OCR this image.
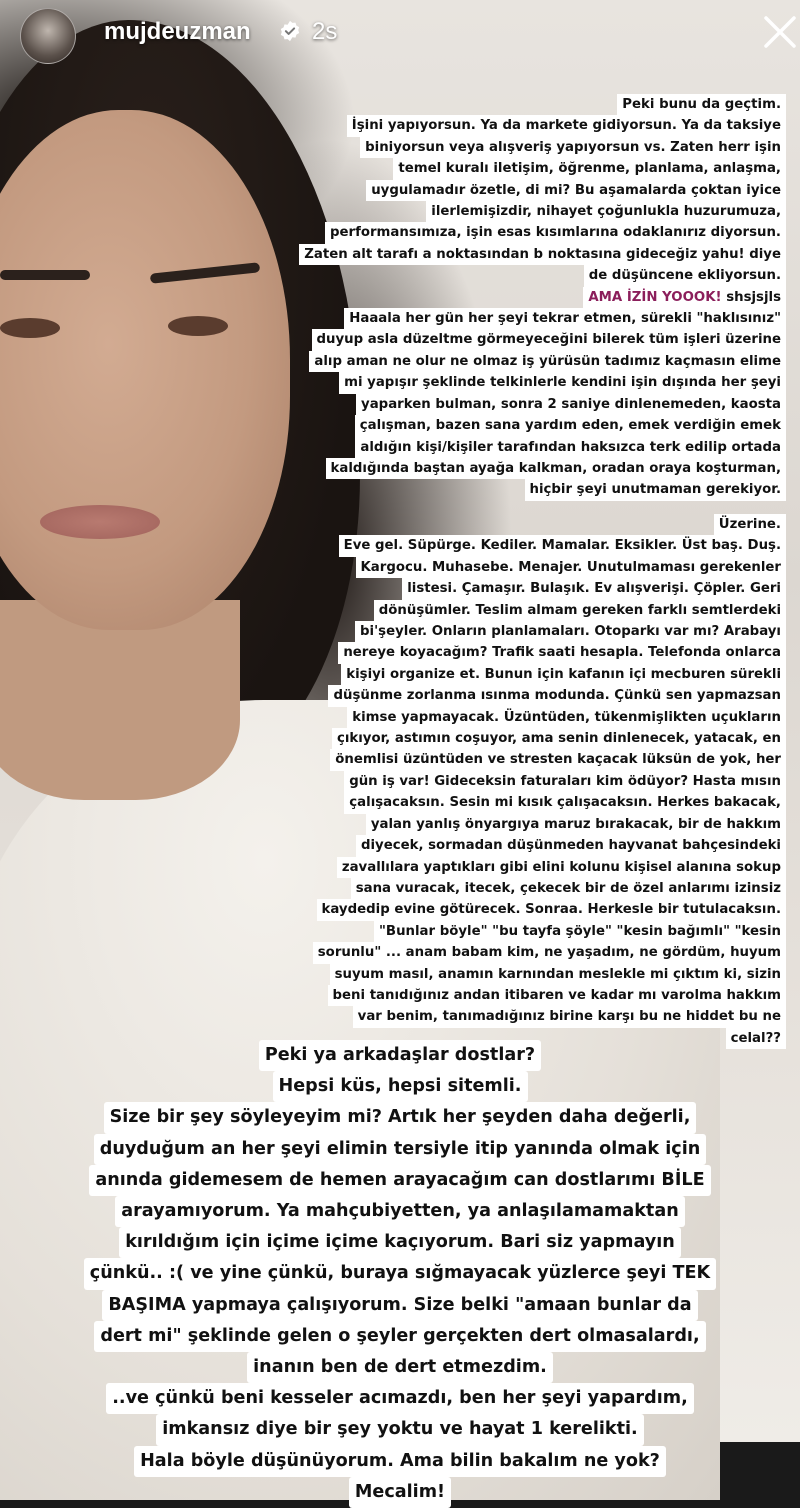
mujdeuzman	2s
Peki bunu da geçtim.
İşini yapıyorsun. Ya da markete gidiyorsun. Ya da taksiye
biniyorsun veya alışveriş yapıyorsun vs. Zaten herr işin
temel kuralı iletişim, öğrenme, planlama, anlaşma,
uygulamadır özetle, di mi? Bu aşamalarda çoktan iyice
ilerlemişizdir, nihayet çoğunlukla huzurumuza,
performansımıza, işin esas kısımlarına odaklanırız diyorsun.
Zaten alt tarafı a noktasından b noktasına gideceğiz yahu! diye
de düşüncene ekliyorsun.
AMA İZİN YOOOK! shsjsjls
Haaala her gün her şeyi tekrar etmen, sürekli "haklısınız"
duyup asla düzeltme görmeyeceğini bilerek tüm işleri üzerine
alıp aman ne olur ne olmaz iş yürüsün tadımız kaçmasın elime
mi yapışır şeklinde telkinlerle kendini işin dışında her şeyi
yaparken bulman, sonra 2 saniye dinlenemeden, kaosta
çalışman, bazen sana yardım eden, emek verdiğin emek
aldığın kişi/kişiler tarafından haksızca terk edilip ortada
kaldığında baştan ayağa kalkman, oradan oraya koşturman,
hiçbir şeyi unutmaman gerekiyor.
Üzerine.
Eve gel. Süpürge. Kediler. Mamalar. Eksikler. Üst baş. Duş.
Kargocu. Muhasebe. Menajer. Unutulmaması gerekenler
listesi. Çamaşır. Bulaşık. Ev alışverişi. Çöpler. Geri
dönüşümler. Teslim almam gereken farklı semtlerdeki
bi'şeyler. Onların planlamaları. Otoparkı var mı? Arabayı
nereye koyacağım? Trafik saati hesapla. Telefonda onlarca
kişiyi organize et. Bunun için kafanın içi mecburen sürekli
düşünme zorlanma ısınma modunda. Çünkü sen yapmazsan
kimse yapmayacak. Üzüntüden, tükenmişlikten uçukların
çıkıyor, astımın coşuyor, ama senin dinlenecek, yatacak, en
önemlisi üzüntüden ve stresten kaçacak lüksün de yok, her
gün iş var! Gideceksin faturaları kim ödüyor? Hasta mısın
çalışacaksın. Sesin mi kısık çalışacaksın. Herkes bakacak,
yalan yanlış önyargıya maruz bırakacak, bir de hakkım
diyecek, sormadan düşünmeden hayvanat bahçesindeki
zavallılara yaptıkları gibi elini kolunu kişisel alanına sokup
sana vuracak, itecek, çekecek bir de özel anlarımı izinsiz
kaydedip evine götürecek. Sonraa. Herkesle bir tutulacaksın.
"Bunlar böyle" "bu tayfa şöyle" "kesin bağımlı" "kesin
sorunlu" ... anam babam kim, ne yaşadım, ne gördüm, huyum
suyum masıl, anamın karnından meslekle mi çıktım ki, sizin
beni tanıdığınız andan itibaren ve kadar mı varolma hakkım
var benim, tanımadığınız birine karşı bu ne hiddet bu ne
celal??
Peki ya arkadaşlar dostlar?
Hepsi küs, hepsi sitemli.
Size bir şey söyleyeyim mi? Artık her şeyden daha değerli,
duyduğum an her şeyi elimin tersiyle itip yanında olmak için
anında gidemesem de hemen arayacağım can dostlarımı BİLE
arayamıyorum. Ya mahçubiyetten, ya anlaşılamamaktan
kırıldığım için içime içime kaçıyorum. Bari siz yapmayın
çünkü.. :( ve yine çünkü, buraya sığmayacak yüzlerce şeyi TEK
BAŞIMA yapmaya çalışıyorum. Size belki "amaan bunlar da
dert mi" şeklinde gelen o şeyler gerçekten dert olmasalardı,
inanın ben de dert etmezdim.
..ve çünkü beni kesseler acımazdı, ben her şeyi yapardım,
imkansız diye bir şey yoktu ve hayat 1 kerelikti.
Hala böyle düşünüyorum. Ama bilin bakalım ne yok?
Mecalim!
